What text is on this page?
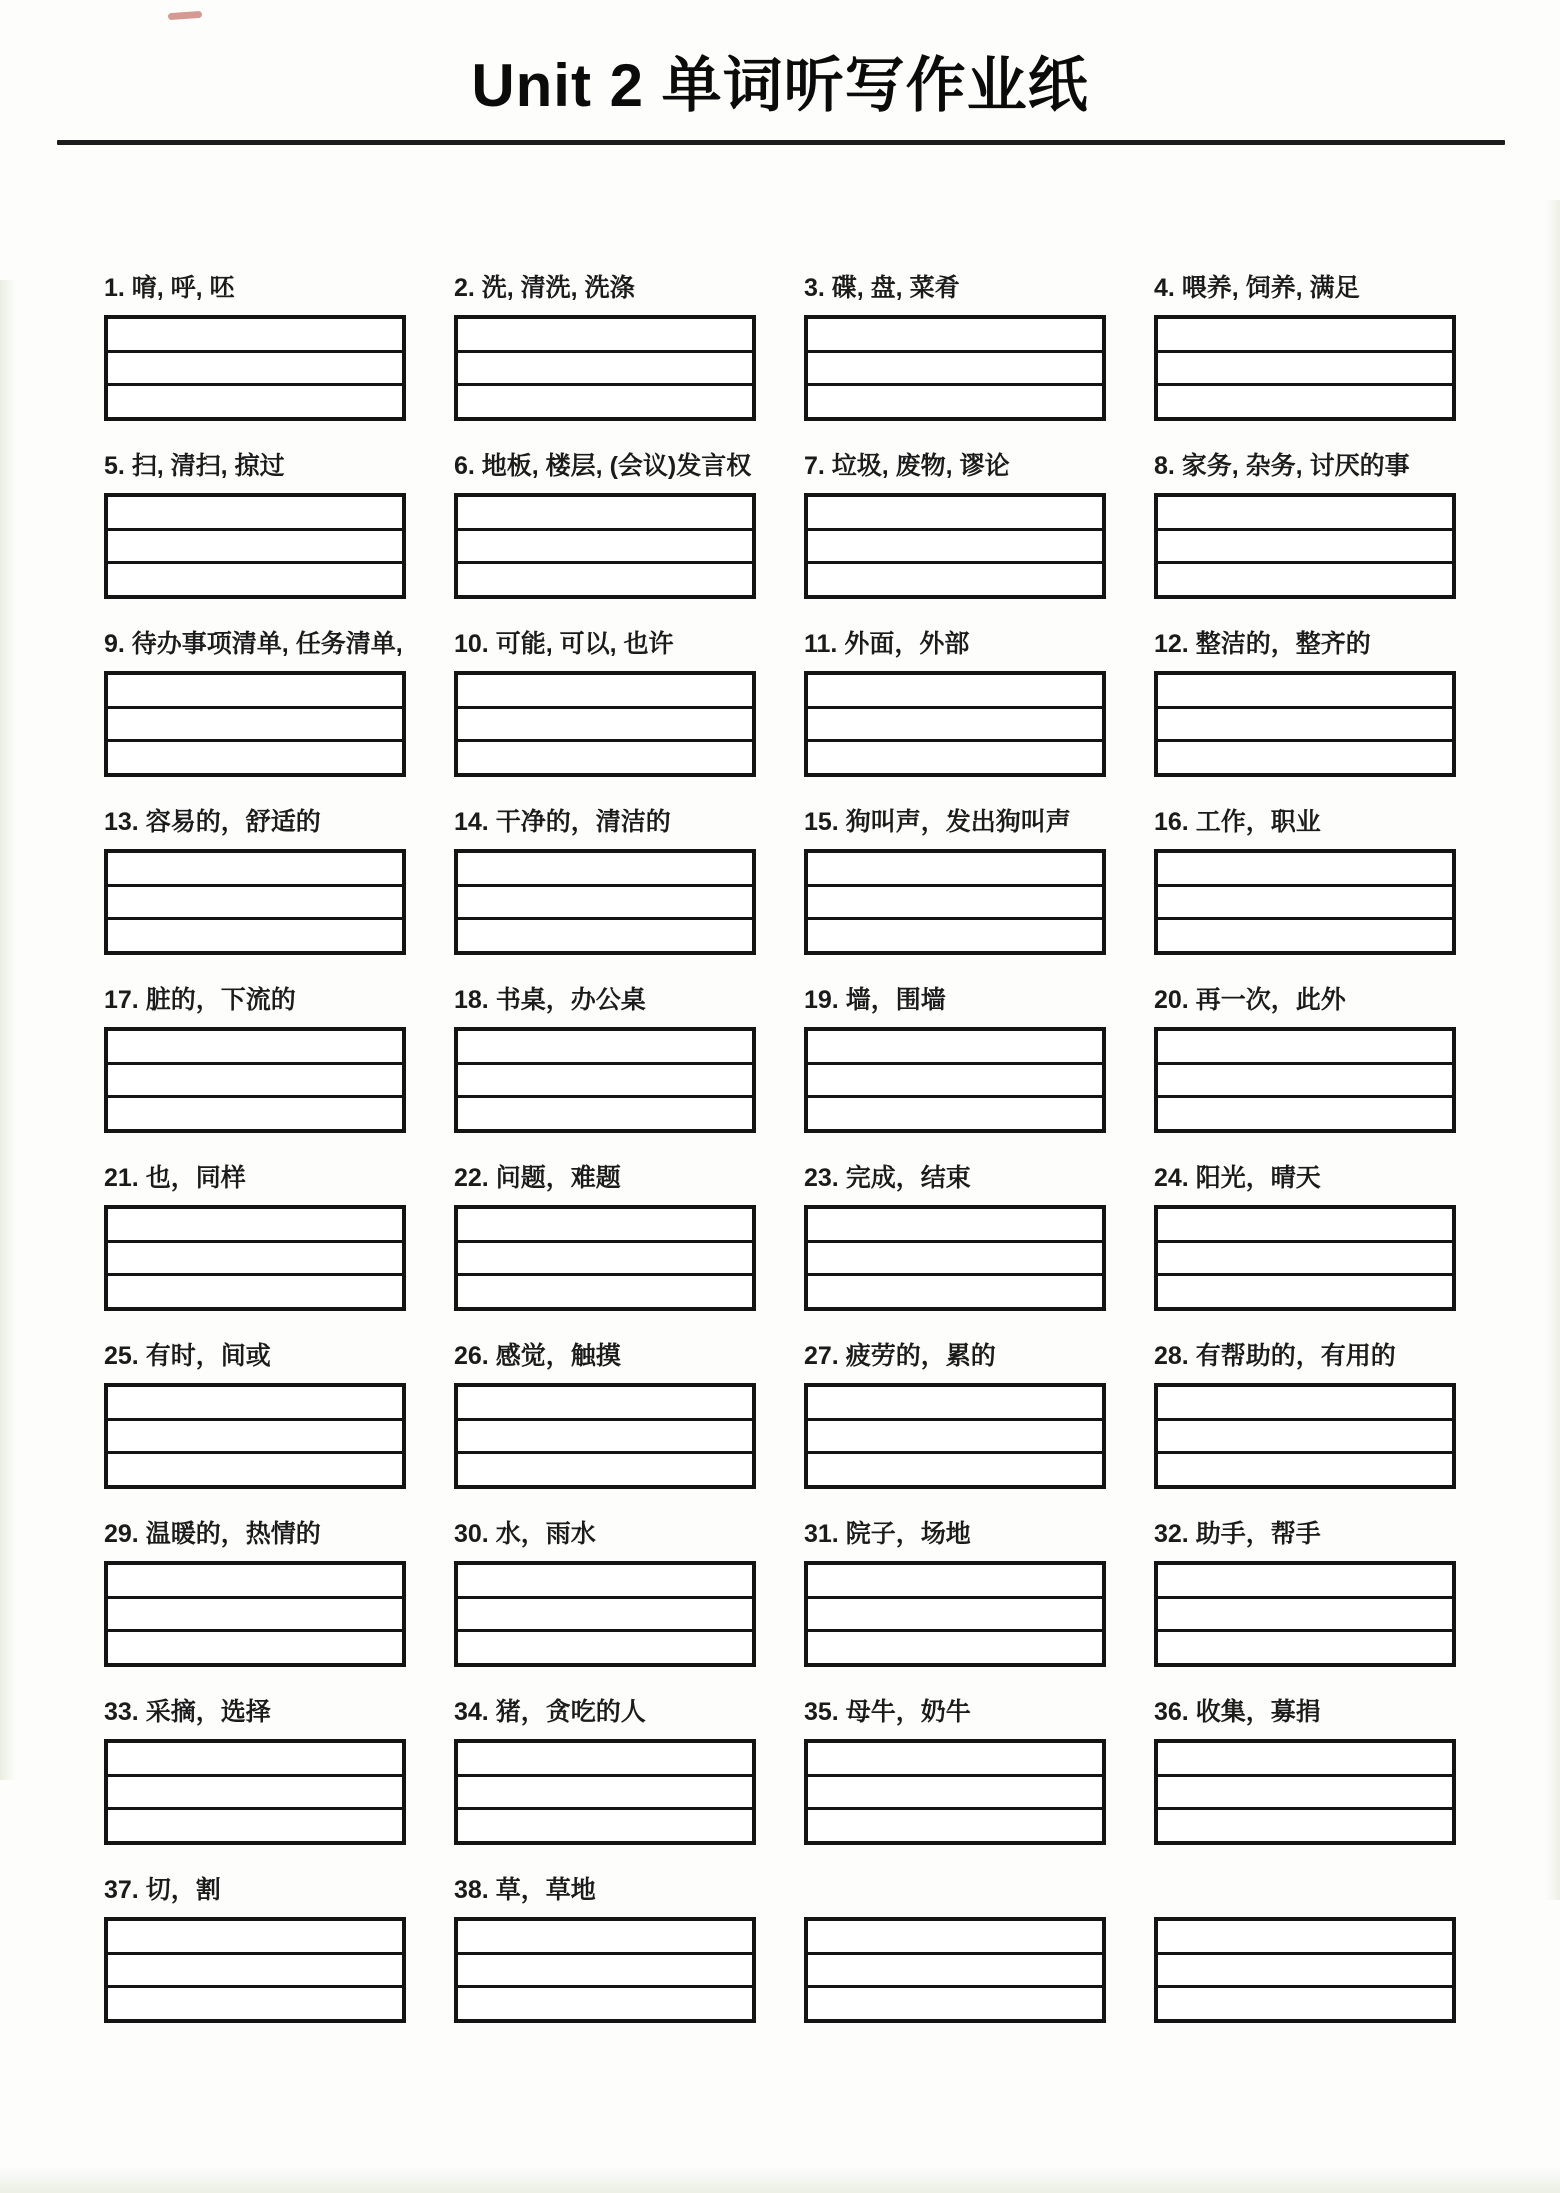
Unit 2 单词听写作业纸
1. 唷, 呼, 呸	2. 洗, 清洗, 洗涤	3. 碟, 盘, 菜肴	4. 喂养, 饲养, 满足
5. 扫, 清扫, 掠过	6. 地板, 楼层, (会议)发言权 7. 垃圾, 废物, 谬论	8. 家务, 杂务, 讨厌的事
9. 待办事项清单, 任务清单, 10. 可能, 可以, 也许	11. 外面，外部	12. 整洁的，整齐的
13. 容易的，舒适的	14. 干净的，清洁的	15. 狗叫声，发出狗叫声	16. 工作，职业
17. 脏的，下流的	18. 书桌，办公桌	19. 墙，围墙	20. 再一次，此外
21. 也，同样	22. 问题，难题	23. 完成，结束	24. 阳光，晴天
25. 有时，间或	26. 感觉，触摸	27. 疲劳的，累的	28. 有帮助的，有用的
29. 温暖的，热情的	30. 水，雨水	31. 院子，场地	32. 助手，帮手
33. 采摘，选择	34. 猪，贪吃的人	35. 母牛，奶牛	36. 收集，募捐
37. 切，割	38. 草，草地
